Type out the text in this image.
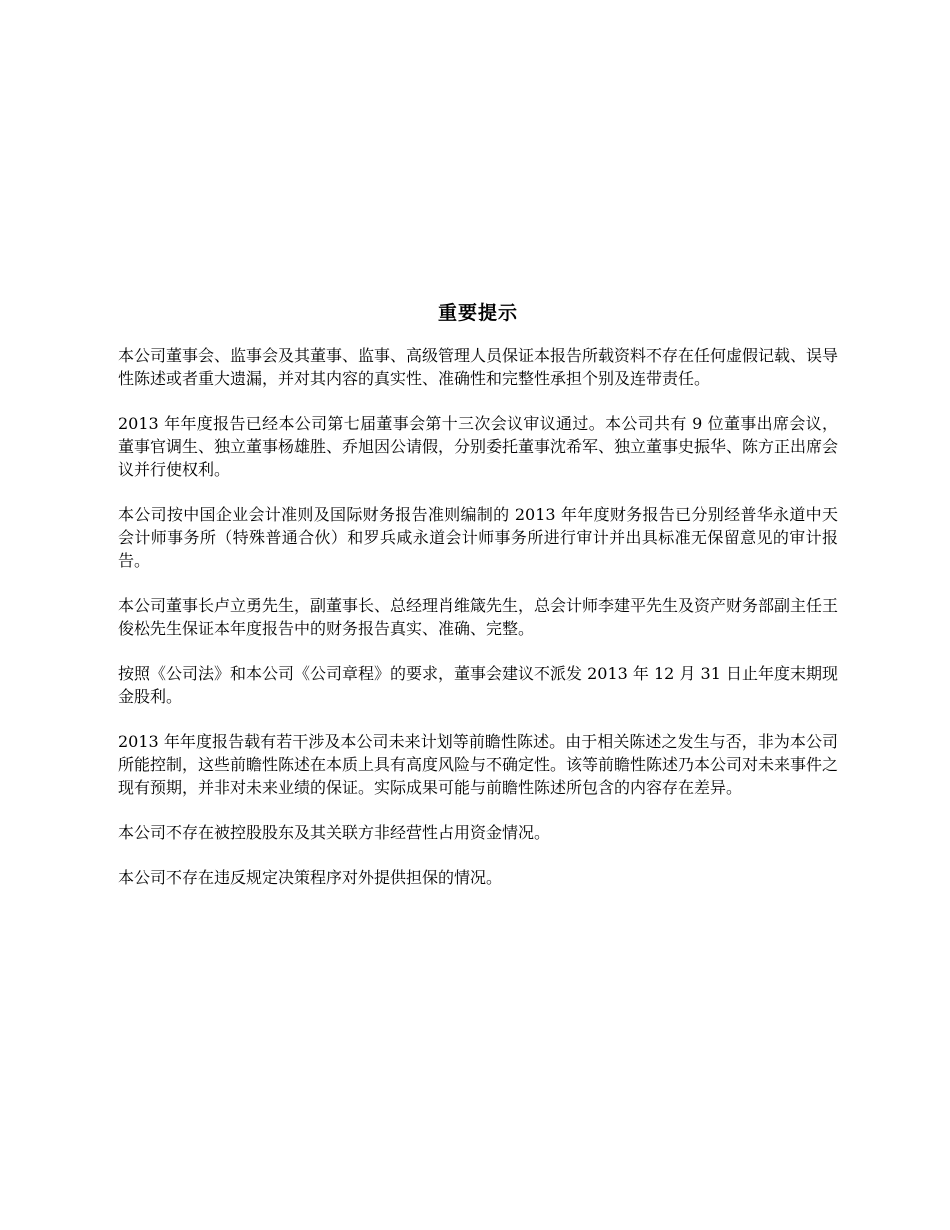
重要提示

本公司董事会、监事会及其董事、监事、高级管理人员保证本报告所载资料不存在任何虚假记载、误导性陈述或者重大遗漏，并对其内容的真实性、准确性和完整性承担个别及连带责任。

2013 年年度报告已经本公司第七届董事会第十三次会议审议通过。本公司共有 9 位董事出席会议，董事官调生、独立董事杨雄胜、乔旭因公请假，分别委托董事沈希军、独立董事史振华、陈方正出席会议并行使权利。

本公司按中国企业会计准则及国际财务报告准则编制的 2013 年年度财务报告已分别经普华永道中天会计师事务所（特殊普通合伙）和罗兵咸永道会计师事务所进行审计并出具标准无保留意见的审计报告。

本公司董事长卢立勇先生，副董事长、总经理肖维箴先生，总会计师李建平先生及资产财务部副主任王俊松先生保证本年度报告中的财务报告真实、准确、完整。

按照《公司法》和本公司《公司章程》的要求，董事会建议不派发 2013 年 12 月 31 日止年度末期现金股利。

2013 年年度报告载有若干涉及本公司未来计划等前瞻性陈述。由于相关陈述之发生与否，非为本公司所能控制，这些前瞻性陈述在本质上具有高度风险与不确定性。该等前瞻性陈述乃本公司对未来事件之现有预期，并非对未来业绩的保证。实际成果可能与前瞻性陈述所包含的内容存在差异。

本公司不存在被控股股东及其关联方非经营性占用资金情况。

本公司不存在违反规定决策程序对外提供担保的情况。
